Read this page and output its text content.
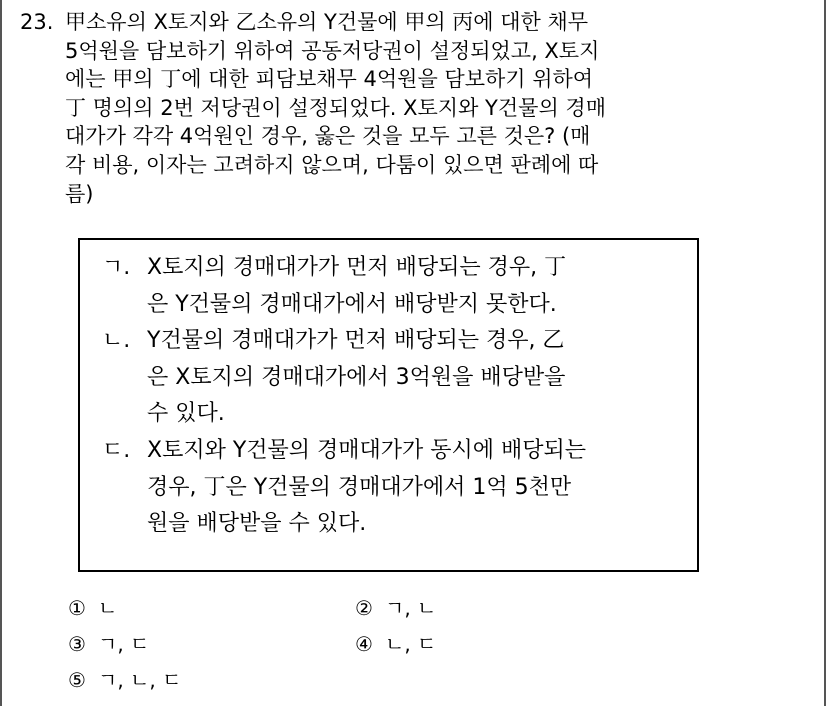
23. 甲소유의 X토지와 乙소유의 Y건물에 甲의 丙에 대한 채무
5억원을 담보하기 위하여 공동저당권이 설정되었고, X토지
에는 甲의 丁에 대한 피담보채무 4억원을 담보하기 위하여
丁 명의의 2번 저당권이 설정되었다. X토지와 Y건물의 경매
대가가 각각 4억원인 경우, 옳은 것을 모두 고른 것은? (매
각 비용, 이자는 고려하지 않으며, 다툼이 있으면 판례에 따
름)
ㄱ. X토지의 경매대가가 먼저 배당되는 경우, 丁
은 Y건물의 경매대가에서 배당받지 못한다.
ㄴ. Y건물의 경매대가가 먼저 배당되는 경우, 乙
은 X토지의 경매대가에서 3억원을 배당받을
수 있다.
ㄷ. X토지와 Y건물의 경매대가가 동시에 배당되는
경우, 丁은 Y건물의 경매대가에서 1억 5천만
원을 배당받을 수 있다.
① ㄴ	② ㄱ, ㄴ
③ ㄱ, ㄷ	④ ㄴ, ㄷ
⑤ ㄱ, ㄴ, ㄷ
